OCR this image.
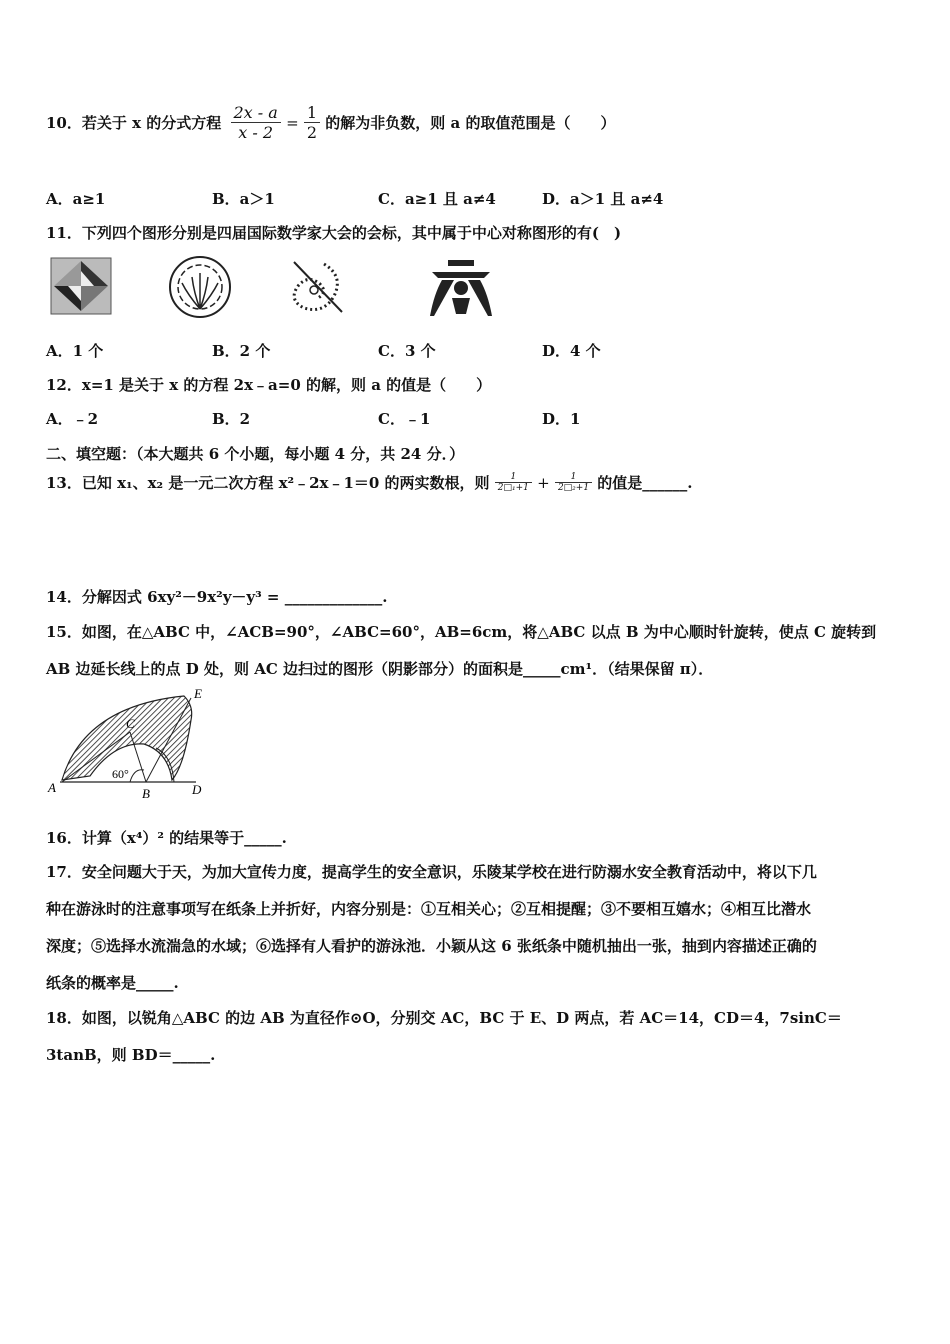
10．若关于 x 的分式方程 $\frac{2x - a}{x - 2} = \frac{1}{2}$ 的解为非负数，则 a 的取值范围是（　　）
A．a≥1	B．a＞1	C．a≥1 且 a≠4	D．a＞1 且 a≠4
11．下列四个图形分别是四届国际数学家大会的会标，其中属于中心对称图形的有(　)
A．1 个	B．2 个	C．3 个	D．4 个
12．x=1 是关于 x 的方程 2x﹣a=0 的解，则 a 的值是（　　）
A．﹣2	B．2	C．﹣1	D．1
二、填空题：（本大题共 6 个小题，每小题 4 分，共 24 分．）
13．已知 x₁、x₂ 是一元二次方程 x²﹣2x﹣1＝0 的两实数根，则 $\frac{1}{\text{2□₁+1}} + \frac{1}{\text{2□₂+1}}$ 的值是______.
14．分解因式 6xy²－9x²y－y³ = _____________.
15．如图，在△ABC 中，∠ACB=90°，∠ABC=60°，AB=6cm，将△ABC 以点 B 为中心顺时针旋转，使点 C 旋转到
AB 边延长线上的点 D 处，则 AC 边扫过的图形（阴影部分）的面积是_____cm¹．（结果保留 π）．
A	B
C
D
E
60°
16．计算（x⁴）² 的结果等于_____.
17．安全问题大于天，为加大宣传力度，提高学生的安全意识，乐陵某学校在进行防溺水安全教育活动中，将以下几
种在游泳时的注意事项写在纸条上并折好，内容分别是：①互相关心；②互相提醒；③不要相互嬉水；④相互比潜水
深度；⑤选择水流湍急的水域；⑥选择有人看护的游泳池．小颖从这 6 张纸条中随机抽出一张，抽到内容描述正确的
纸条的概率是_____.
18．如图，以锐角△ABC 的边 AB 为直径作⊙O，分别交 AC，BC 于 E、D 两点，若 AC＝14，CD＝4，7sinC＝
3tanB，则 BD＝_____.
